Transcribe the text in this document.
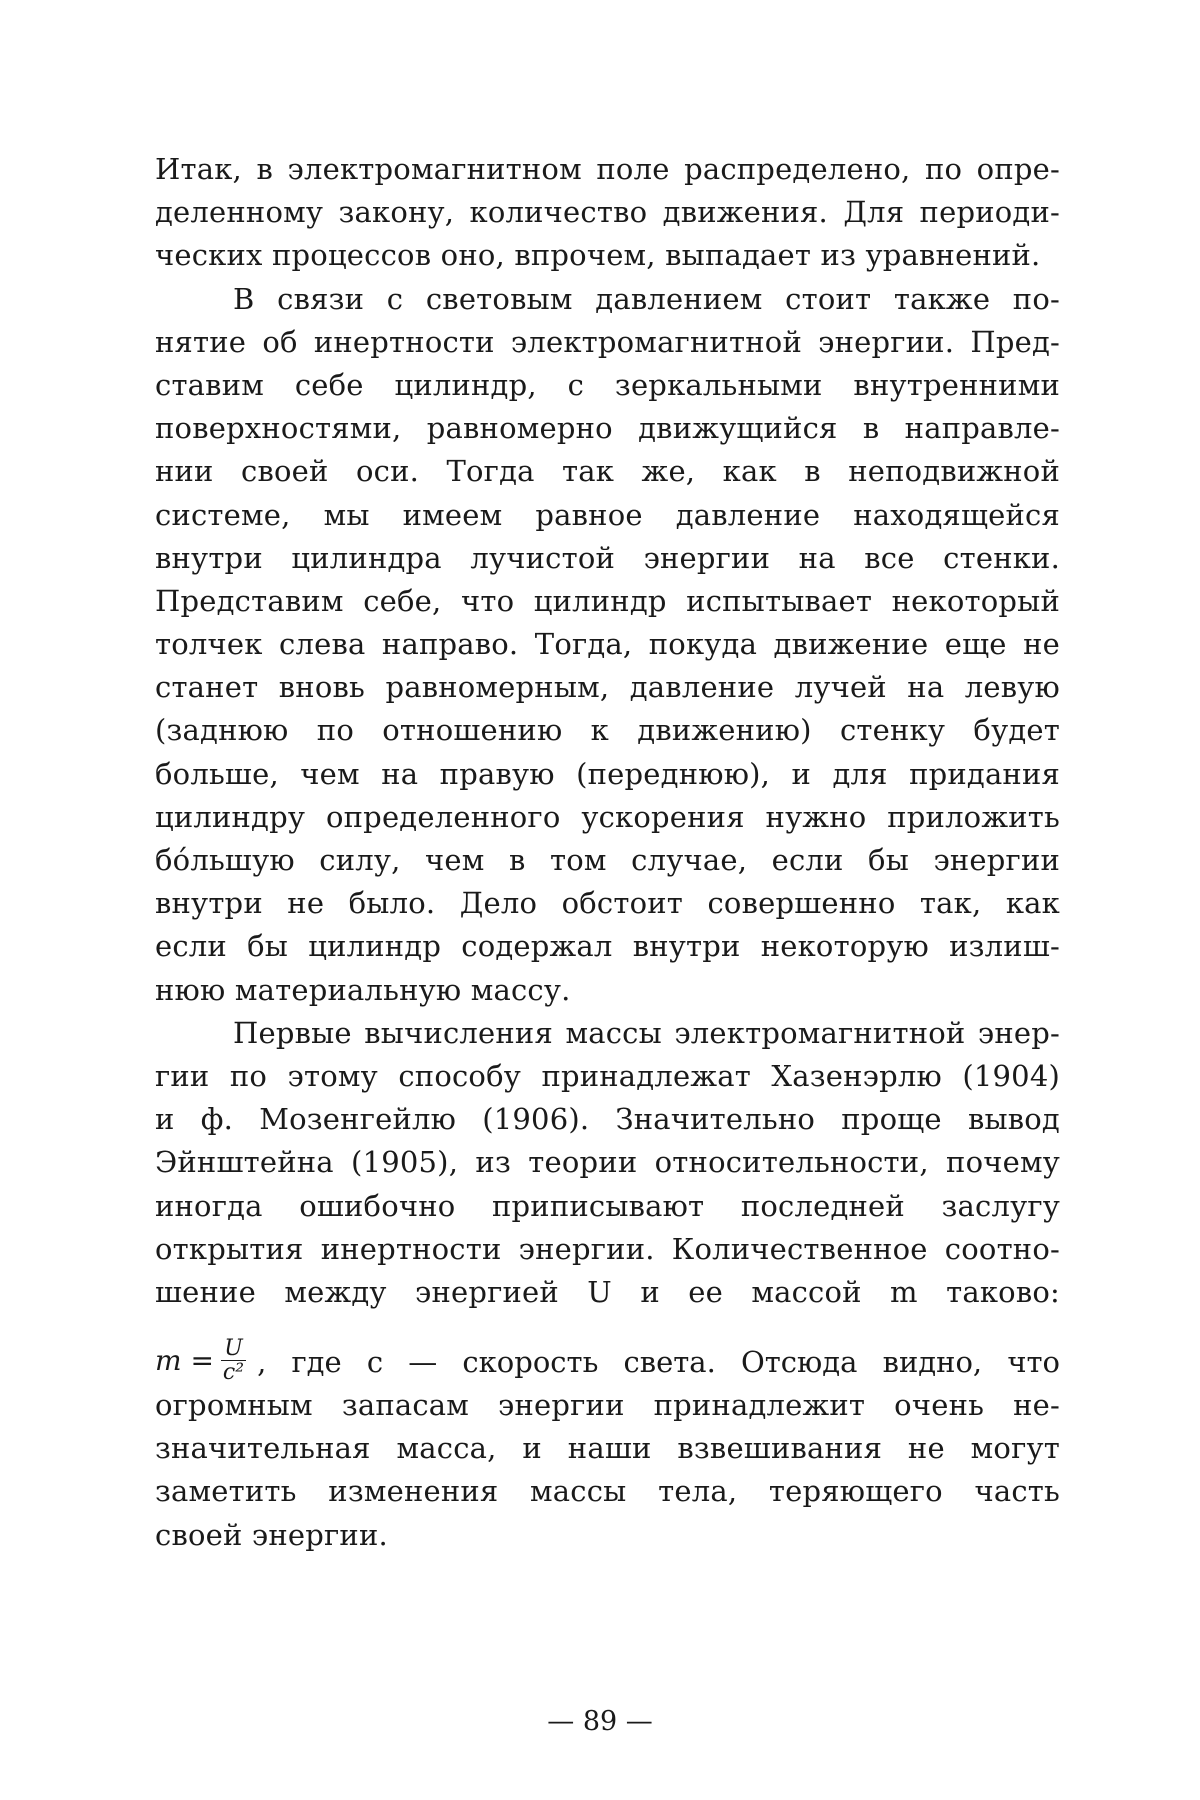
Итак, в электромагнитном поле распределено, по опре-
деленному закону, количество движения. Для периоди-
ческих процессов оно, впрочем, выпадает из уравнений.
В связи с световым давлением стоит также по-
нятие об инертности электромагнитной энергии. Пред-
ставим себе цилиндр, с зеркальными внутренними
поверхностями, равномерно движущийся в направле-
нии своей оси. Тогда так же, как в неподвижной
системе, мы имеем равное давление находящейся
внутри цилиндра лучистой энергии на все стенки.
Представим себе, что цилиндр испытывает некоторый
толчек слева направо. Тогда, покуда движение еще не
станет вновь равномерным, давление лучей на левую
(заднюю по отношению к движению) стенку будет
больше, чем на правую (переднюю), и для придания
цилиндру определенного ускорения нужно приложить
бóльшую силу, чем в том случае, если бы энергии
внутри не было. Дело обстоит совершенно так, как
если бы цилиндр содержал внутри некоторую излиш-
нюю материальную массу.
Первые вычисления массы электромагнитной энер-
гии по этому способу принадлежат Хазенэрлю (1904)
и ф. Мозенгейлю (1906). Значительно проще вывод
Эйнштейна (1905), из теории относительности, почему
иногда ошибочно приписывают последней заслугу
открытия инертности энергии. Количественное соотно-
шение между энергией U и ее массой m таково:
$m = \frac{U}{\text{c²}}$ , где c — скорость света. Отсюда видно, что
огромным запасам энергии принадлежит очень не-
значительная масса, и наши взвешивания не могут
заметить изменения массы тела, теряющего часть
своей энергии.
— 89 —
